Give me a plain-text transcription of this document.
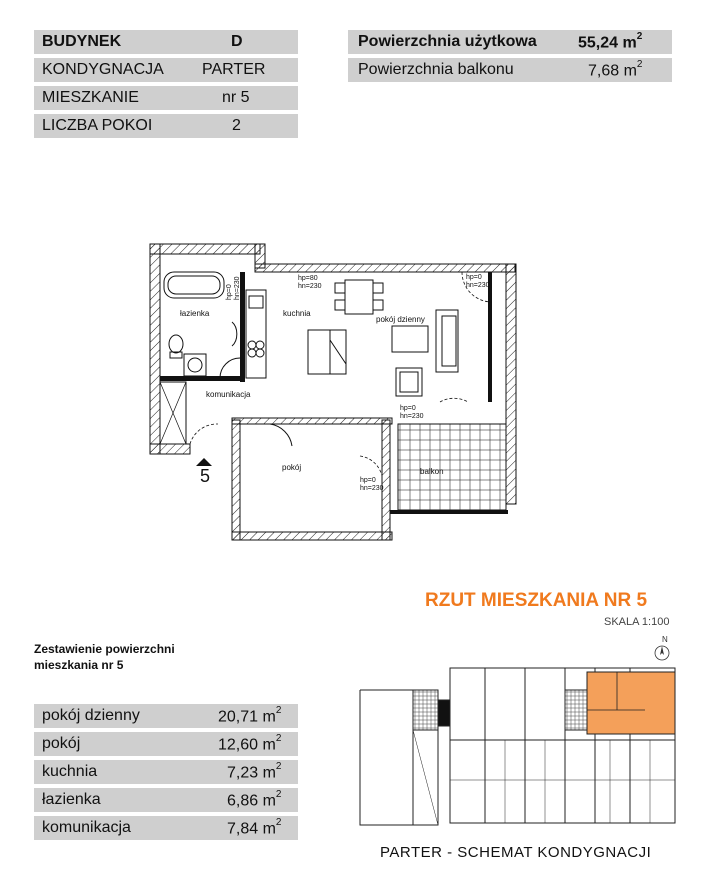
BUDYNEK	D
KONDYGNACJA PARTER
MIESZKANIE	nr 5
LICZBA POKOI	2
Powierzchnia użytkowa	55,24 $m^2$
Powierzchnia balkonu	7,68 $m^2$
łazienka	kuchnia
pokój dzienny
komunikacja
pokój	balkon
hp=0 hn=230	hp=80
hn=230
hp=0
hn=230
hp=0
hn=230
hp=0
hn=230
5
RZUT MIESZKANIA NR 5
SKALA 1:100
N
Zestawienie powierzchni
mieszkania nr 5
pokój dzienny	20,71 $m^2$
pokój	12,60 $m^2$
kuchnia	7,23 $m^2$
łazienka	6,86 $m^2$
komunikacja	7,84 $m^2$
PARTER - SCHEMAT KONDYGNACJI
